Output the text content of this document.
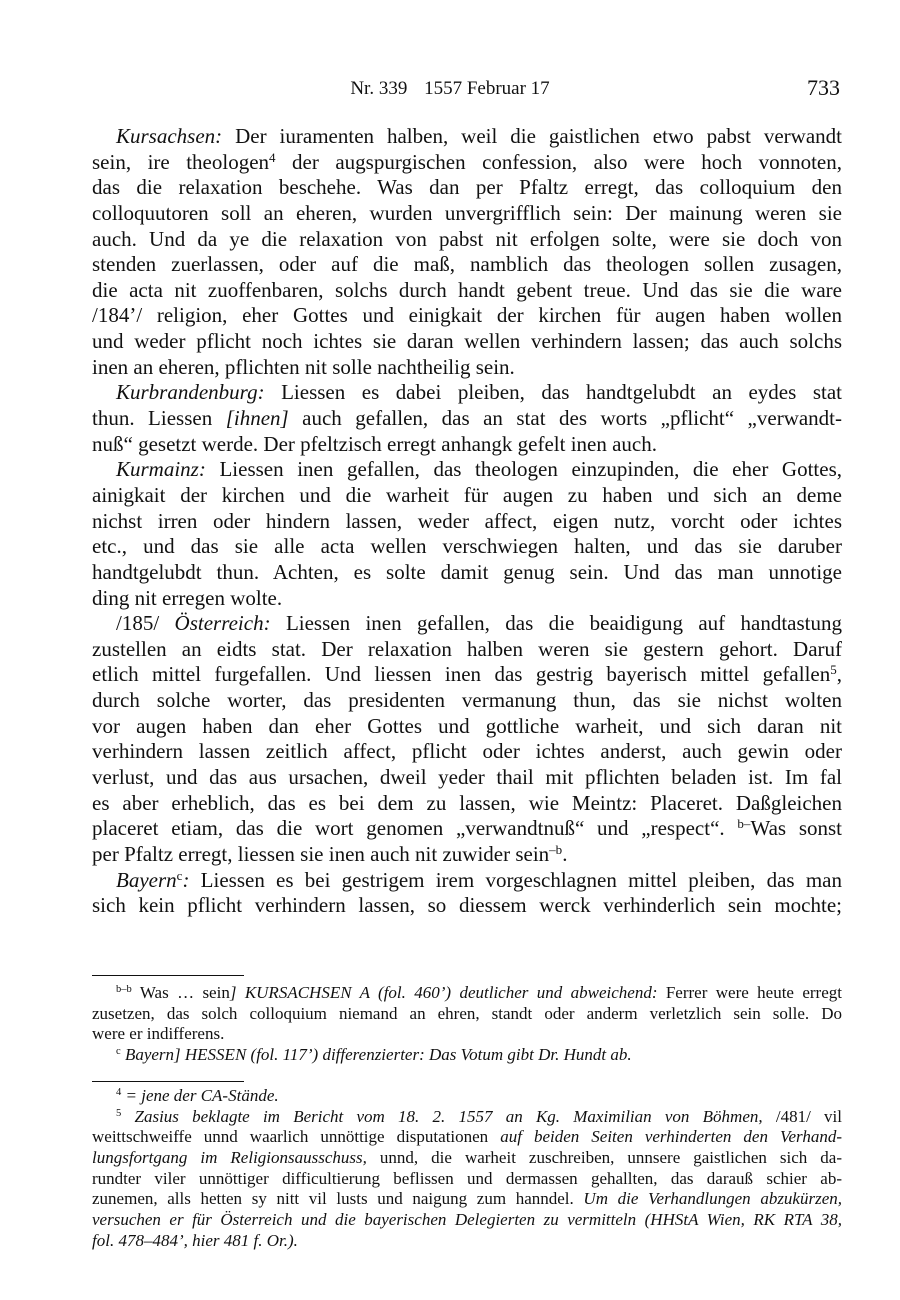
Nr. 339 1557 Februar 17	733
Kursachsen: Der iuramenten halben, weil die gaistlichen etwo pabst verwandt
sein, ire theologen$^4$ der augspurgischen confession, also were hoch vonnoten,
das die relaxation beschehe. Was dan per Pfaltz erregt, das colloquium den
colloquutoren soll an eheren, wurden unvergrifflich sein: Der mainung weren sie
auch. Und da ye die relaxation von pabst nit erfolgen solte, were sie doch von
stenden zuerlassen, oder auf die maß, namblich das theologen sollen zusagen,
die acta nit zuoffenbaren, solchs durch handt gebent treue. Und das sie die ware
/184’/ religion, eher Gottes und einigkait der kirchen für augen haben wollen
und weder pflicht noch ichtes sie daran wellen verhindern lassen; das auch solchs
inen an eheren, pflichten nit solle nachtheilig sein.
Kurbrandenburg: Liessen es dabei pleiben, das handtgelubdt an eydes stat
thun. Liessen [ihnen] auch gefallen, das an stat des worts „pflicht“ „verwandt-
nuß“ gesetzt werde. Der pfeltzisch erregt anhangk gefelt inen auch.
Kurmainz: Liessen inen gefallen, das theologen einzupinden, die eher Gottes,
ainigkait der kirchen und die warheit für augen zu haben und sich an deme
nichst irren oder hindern lassen, weder affect, eigen nutz, vorcht oder ichtes
etc., und das sie alle acta wellen verschwiegen halten, und das sie daruber
handtgelubdt thun. Achten, es solte damit genug sein. Und das man unnotige
ding nit erregen wolte.
/185/ Österreich: Liessen inen gefallen, das die beaidigung auf handtastung
zustellen an eidts stat. Der relaxation halben weren sie gestern gehort. Daruf
etlich mittel furgefallen. Und liessen inen das gestrig bayerisch mittel gefallen$^5$,
durch solche worter, das presidenten vermanung thun, das sie nichst wolten
vor augen haben dan eher Gottes und gottliche warheit, und sich daran nit
verhindern lassen zeitlich affect, pflicht oder ichtes anderst, auch gewin oder
verlust, und das aus ursachen, dweil yeder thail mit pflichten beladen ist. Im fal
es aber erheblich, das es bei dem zu lassen, wie Meintz: Placeret. Daßgleichen
placeret etiam, das die wort genomen „verwandtnuß“ und „respect“. $^{b-}$Was sonst
per Pfaltz erregt, liessen sie inen auch nit zuwider sein$^{-b}$.
Bayern$^c$: Liessen es bei gestrigem irem vorgeschlagnen mittel pleiben, das man
sich kein pflicht verhindern lassen, so diessem werck verhinderlich sein mochte;
$^{b-b}$ Was … sein] KURSACHSEN A (fol. 460’) deutlicher und abweichend: Ferrer were heute erregt
zusetzen, das solch colloquium niemand an ehren, standt oder anderm verletzlich sein solle. Do
were er indifferens.
$^c$ Bayern] HESSEN (fol. 117’) differenzierter: Das Votum gibt Dr. Hundt ab.
$^4$ = jene der CA-Stände.
$^5$ Zasius beklagte im Bericht vom 18. 2. 1557 an Kg. Maximilian von Böhmen, /481/ vil
weittschweiffe unnd waarlich unnöttige disputationen auf beiden Seiten verhinderten den Verhand-
lungsfortgang im Religionsausschuss, unnd, die warheit zuschreiben, unnsere gaistlichen sich da-
rundter viler unnöttiger difficultierung beflissen und dermassen gehallten, das darauß schier ab-
zunemen, alls hetten sy nitt vil lusts und naigung zum hanndel. Um die Verhandlungen abzukürzen,
versuchen er für Österreich und die bayerischen Delegierten zu vermitteln (HHStA Wien, RK RTA 38,
fol. 478–484’, hier 481 f. Or.).
